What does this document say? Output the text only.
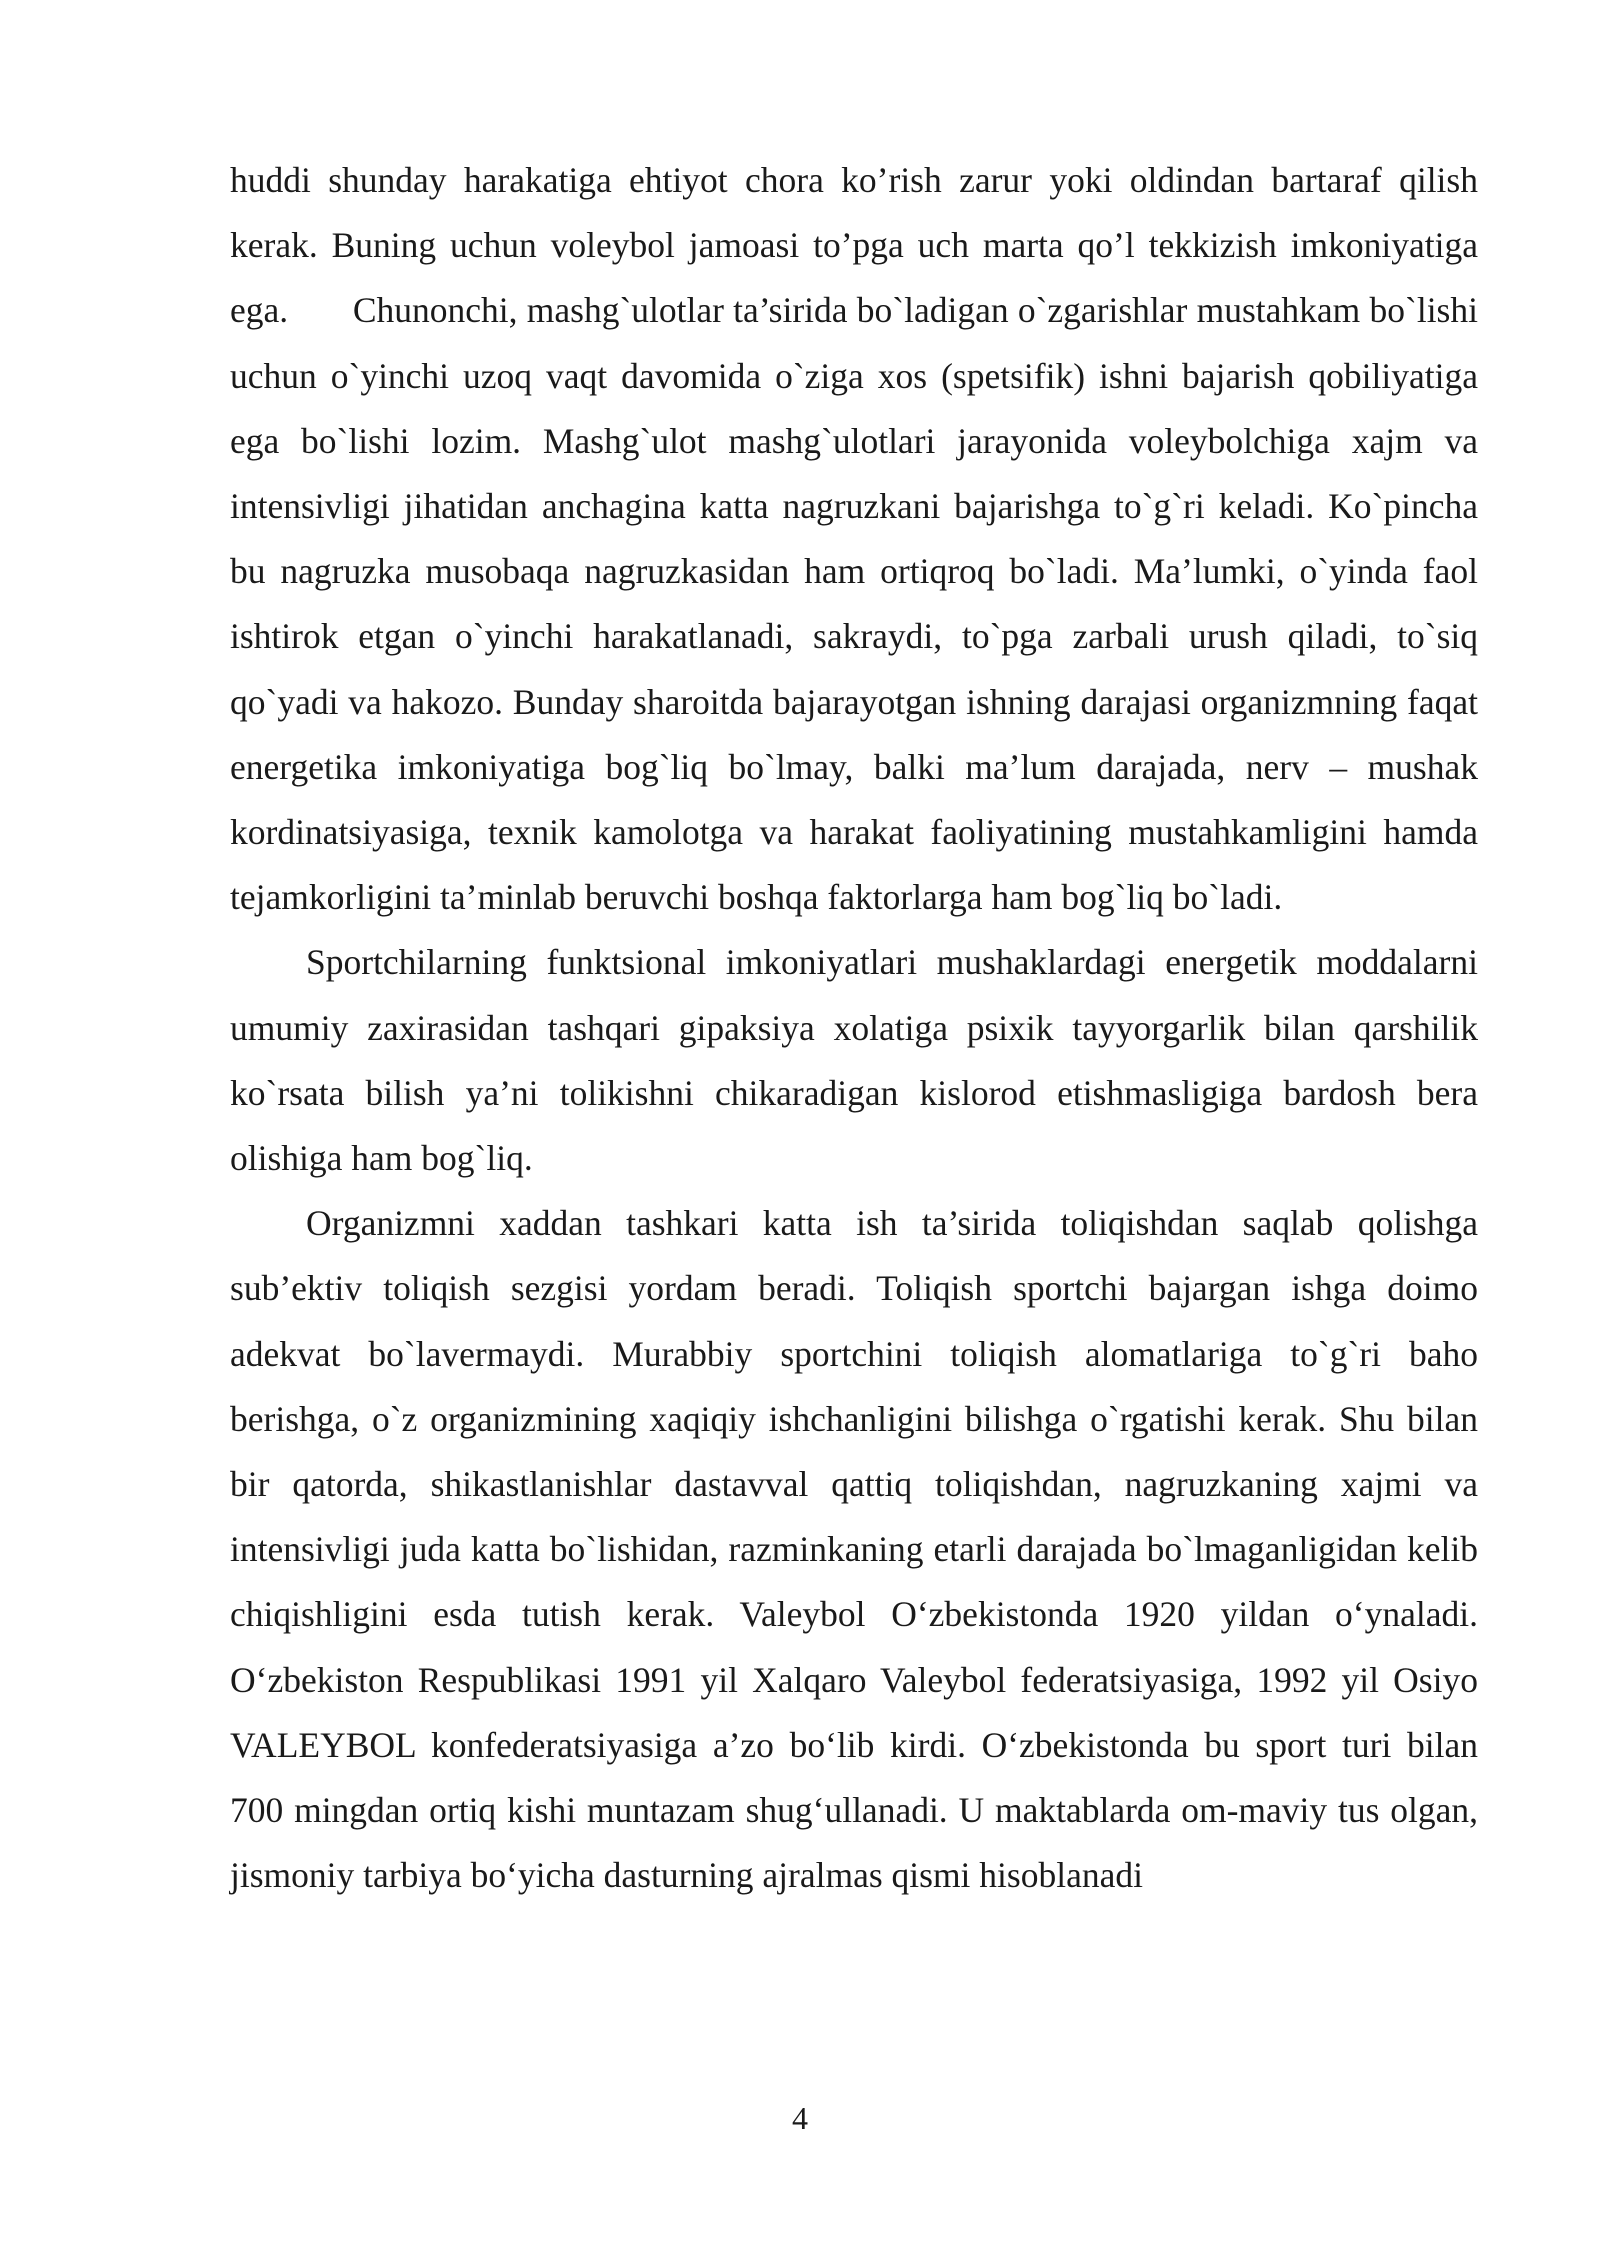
huddi shunday harakatiga ehtiyot chora ko’rish zarur yoki oldindan bartaraf qilish kerak. Buning uchun voleybol jamoasi to’pga uch marta qo’l tekkizish imkoniyatiga ega.       Chunonchi, mashg`ulotlar ta’sirida bo`ladigan o`zgarishlar mustahkam bo`lishi uchun o`yinchi uzoq vaqt davomida o`ziga xos (spetsifik) ishni bajarish qobiliyatiga ega bo`lishi lozim. Mashg`ulot mashg`ulotlari jarayonida voleybolchiga xajm va intensivligi jihatidan anchagina katta nagruzkani bajarishga to`g`ri keladi. Ko`pincha bu nagruzka musobaqa nagruzkasidan ham ortiqroq bo`ladi. Ma’lumki, o`yinda faol ishtirok etgan o`yinchi harakatlanadi, sakraydi, to`pga zarbali urush qiladi, to`siq qo`yadi va hakozo. Bunday sharoitda bajarayotgan ishning darajasi organizmning faqat energetika imkoniyatiga bog`liq bo`lmay, balki ma’lum darajada, nerv – mushak kordinatsiyasiga, texnik kamolotga va harakat faoliyatining mustahkamligini hamda tejamkorligini ta’minlab beruvchi boshqa faktorlarga ham bog`liq bo`ladi.

Sportchilarning funktsional imkoniyatlari mushaklardagi energetik moddalarni umumiy zaxirasidan tashqari gipaksiya xolatiga psixik tayyorgarlik bilan qarshilik ko`rsata bilish ya’ni tolikishni chikaradigan kislorod etishmasligiga bardosh bera olishiga ham bog`liq.

Organizmni xaddan tashkari katta ish ta’sirida toliqishdan saqlab qolishga sub’ektiv toliqish sezgisi yordam beradi. Toliqish sportchi bajargan ishga doimo adekvat bo`lavermaydi. Murabbiy sportchini toliqish alomatlariga to`g`ri baho berishga, o`z organizmining xaqiqiy ishchanligini bilishga o`rgatishi kerak. Shu bilan bir qatorda, shikastlanishlar dastavval qattiq toliqishdan, nagruzkaning xajmi va intensivligi juda katta bo`lishidan, razminkaning etarli darajada bo`lmaganligidan kelib chiqishligini esda tutish kerak. Valeybol O‘zbekistonda 1920 yildan o‘ynaladi. O‘zbekiston Respublikasi 1991 yil Xalqaro Valeybol federatsiyasiga, 1992 yil Osiyo VALEYBOL konfederatsiyasiga a’zo bo‘lib kirdi. O‘zbekistonda bu sport turi bilan 700 mingdan ortiq kishi muntazam shug‘ullanadi. U maktablarda om-maviy tus olgan, jismoniy tarbiya bo‘yicha dasturning ajralmas qismi hisoblanadi

4
